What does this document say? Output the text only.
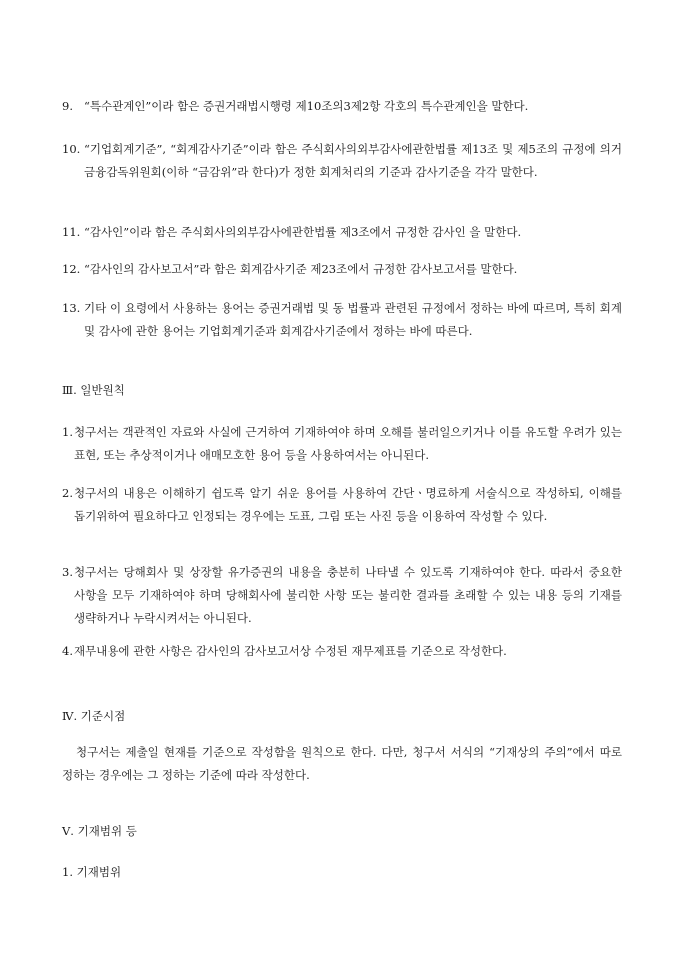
9. “특수관계인”이라 함은 증권거래법시행령 제10조의3제2항 각호의 특수관계인을 말한다.
10. “기업회계기준”, “회계감사기준”이라 함은 주식회사의외부감사에관한법률 제13조 및 제5조의 규정에 의거 금융감독위원회(이하 “금감위”라 한다)가 정한 회계처리의 기준과 감사기준을 각각 말한다.
11. “감사인”이라 함은 주식회사의외부감사에관한법률 제3조에서 규정한 감사인 을 말한다.
12. “감사인의 감사보고서”라 함은 회계감사기준 제23조에서 규정한 감사보고서를 말한다.
13. 기타 이 요령에서 사용하는 용어는 증권거래법 및 동 법률과 관련된 규정에서 정하는 바에 따르며, 특히 회계 및 감사에 관한 용어는 기업회계기준과 회계감사기준에서 정하는 바에 따른다.
Ⅲ. 일반원칙
1. 청구서는 객관적인 자료와 사실에 근거하여 기재하여야 하며 오해를 불러일으키거나 이를 유도할 우려가 있는 표현, 또는 추상적이거나 애매모호한 용어 등을 사용하여서는 아니된다.
2. 청구서의 내용은 이해하기 쉽도록 알기 쉬운 용어를 사용하여 간단ㆍ명료하게 서술식으로 작성하되, 이해를 돕기위하여 필요하다고 인정되는 경우에는 도표, 그림 또는 사진 등을 이용하여 작성할 수 있다.
3. 청구서는 당해회사 및 상장할 유가증권의 내용을 충분히 나타낼 수 있도록 기재하여야 한다. 따라서 중요한 사항을 모두 기재하여야 하며 당해회사에 불리한 사항 또는 불리한 결과를 초래할 수 있는 내용 등의 기재를 생략하거나 누락시켜서는 아니된다.
4. 재무내용에 관한 사항은 감사인의 감사보고서상 수정된 재무제표를 기준으로 작성한다.
Ⅳ. 기준시점
청구서는 제출일 현재를 기준으로 작성함을 원칙으로 한다. 다만, 청구서 서식의 “기재상의 주의”에서 따로 정하는 경우에는 그 정하는 기준에 따라 작성한다.
Ⅴ. 기재범위 등
1. 기재범위
